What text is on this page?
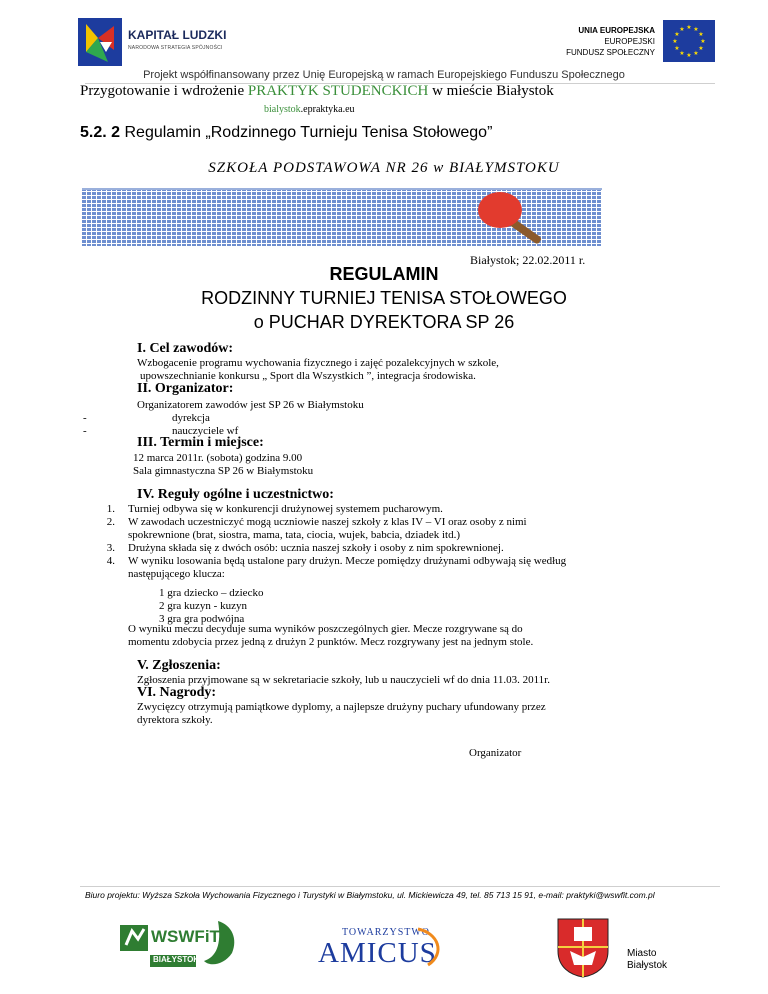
KAPITAŁ LUDZKI
NARODOWA STRATEGIA SPÓJNOŚCI
UNIA EUROPEJSKA
EUROPEJSKI
FUNDUSZ SPOŁECZNY
★ ★
★
★
★
★
★
★
★
★
★
★
Projekt współfinansowany przez Unię Europejską w ramach Europejskiego Funduszu Społecznego
Przygotowanie i wdrożenie PRAKTYK STUDENCKICH w mieście Białystok
bialystok.epraktyka.eu
5.2. 2 Regulamin „Rodzinnego Turnieju Tenisa Stołowego”
SZKOŁA PODSTAWOWA NR 26 w BIAŁYMSTOKU
Białystok; 22.02.2011 r.
REGULAMIN
RODZINNY TURNIEJ TENISA STOŁOWEGO
o PUCHAR DYREKTORA SP 26
I. Cel zawodów:
Wzbogacenie programu wychowania fizycznego i zajęć pozalekcyjnych w szkole,
upowszechnianie konkursu „ Sport dla Wszystkich ”, integracja środowiska.
II. Organizator:
Organizatorem zawodów jest SP 26 w Białymstoku
-	dyrekcja
-	nauczyciele wf
III. Termin i miejsce:
12 marca 2011r. (sobota) godzina 9.00
Sala gimnastyczna SP 26 w Białymstoku
IV. Reguły ogólne i uczestnictwo:
1. Turniej odbywa się w konkurencji drużynowej systemem pucharowym.
2. W zawodach uczestniczyć mogą uczniowie naszej szkoły z klas IV – VI oraz osoby z nimi
spokrewnione (brat, siostra, mama, tata, ciocia, wujek, babcia, dziadek itd.)
3. Drużyna składa się z dwóch osób: ucznia naszej szkoły i osoby z nim spokrewnionej.
4. W wyniku losowania będą ustalone pary drużyn. Mecze pomiędzy drużynami odbywają się według
następującego klucza:
1 gra dziecko – dziecko
2 gra kuzyn - kuzyn
3 gra gra podwójna
O wyniku meczu decyduje suma wyników poszczególnych gier. Mecze rozgrywane są do
momentu zdobycia przez jedną z drużyn 2 punktów. Mecz rozgrywany jest na jednym stole.
V. Zgłoszenia:
Zgłoszenia przyjmowane są w sekretariacie szkoły, lub u nauczycieli wf do dnia 11.03. 2011r.
VI. Nagrody:
Zwycięzcy otrzymują pamiątkowe dyplomy, a najlepsze drużyny puchary ufundowany przez
dyrektora szkoły.
Organizator
Biuro projektu: Wyższa Szkoła Wychowania Fizycznego i Turystyki w Białymstoku, ul. Mickiewicza 49, tel. 85 713 15 91, e-mail: praktyki@wswfit.com.pl
WSWFiT
BIAŁYSTOK
TOWARZYSTWO
AMICUS	Miasto
Białystok
